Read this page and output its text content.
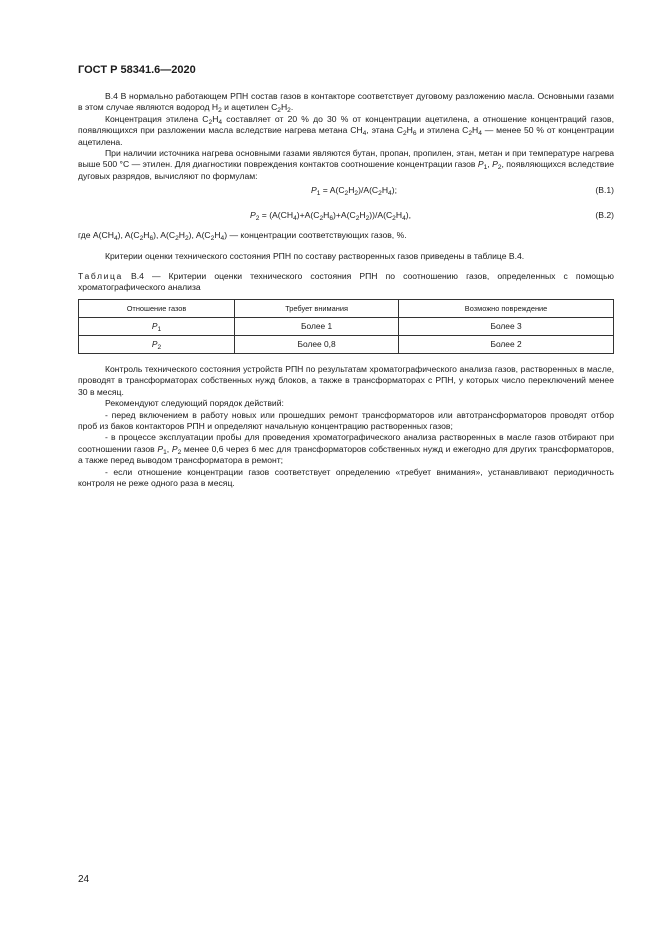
ГОСТ Р 58341.6—2020

В.4 В нормально работающем РПН состав газов в контакторе соответствует дуговому разложению масла. Основными газами в этом случае являются водород $H_2$ и ацетилен $C_2H_2$.

Концентрация этилена $C_2H_4$ составляет от 20 % до 30 % от концентрации ацетилена, а отношение концентраций газов, появляющихся при разложении масла вследствие нагрева метана $CH_4$, этана $C_2H_6$ и этилена $C_2H_4$ — менее 50 % от концентрации ацетилена.

При наличии источника нагрева основными газами являются бутан, пропан, пропилен, этан, метан и при температуре нагрева выше 500 °С — этилен. Для диагностики повреждения контактов соотношение концентрации газов $P_1$, $P_2$, появляющихся вследствие дуговых разрядов, вычисляют по формулам:

$P_1 = A(C_2H_2)/A(C_2H_4)$;	(В.1)
$P_2 = (A(CH_4)+A(C_2H_6)+A(C_2H_2))/A(C_2H_4)$,	(В.2)

где $A(CH_4)$, $A(C_2H_6)$, $A(C_2H_2)$, $A(C_2H_4)$ — концентрации соответствующих газов, %.

Критерии оценки технического состояния РПН по составу растворенных газов приведены в таблице В.4.

Таблица В.4 — Критерии оценки технического состояния РПН по соотношению газов, определенных с помощью хроматографического анализа

Отношение газов	Требует внимания	Возможно повреждение
$P_1$	Более 1	Более 3
$P_2$	Более 0,8	Более 2

Контроль технического состояния устройств РПН по результатам хроматографического анализа газов, растворенных в масле, проводят в трансформаторах собственных нужд блоков, а также в трансформаторах с РПН, у которых число переключений менее 30 в месяц.

Рекомендуют следующий порядок действий:

- перед включением в работу новых или прошедших ремонт трансформаторов или автотрансформаторов проводят отбор проб из баков контакторов РПН и определяют начальную концентрацию растворенных газов;

- в процессе эксплуатации пробы для проведения хроматографического анализа растворенных в масле газов отбирают при соотношении газов $P_1$, $P_2$ менее 0,6 через 6 мес для трансформаторов собственных нужд и ежегодно для других трансформаторов, а также перед выводом трансформатора в ремонт;

- если отношение концентрации газов соответствует определению «требует внимания», устанавливают периодичность контроля не реже одного раза в месяц.

24
